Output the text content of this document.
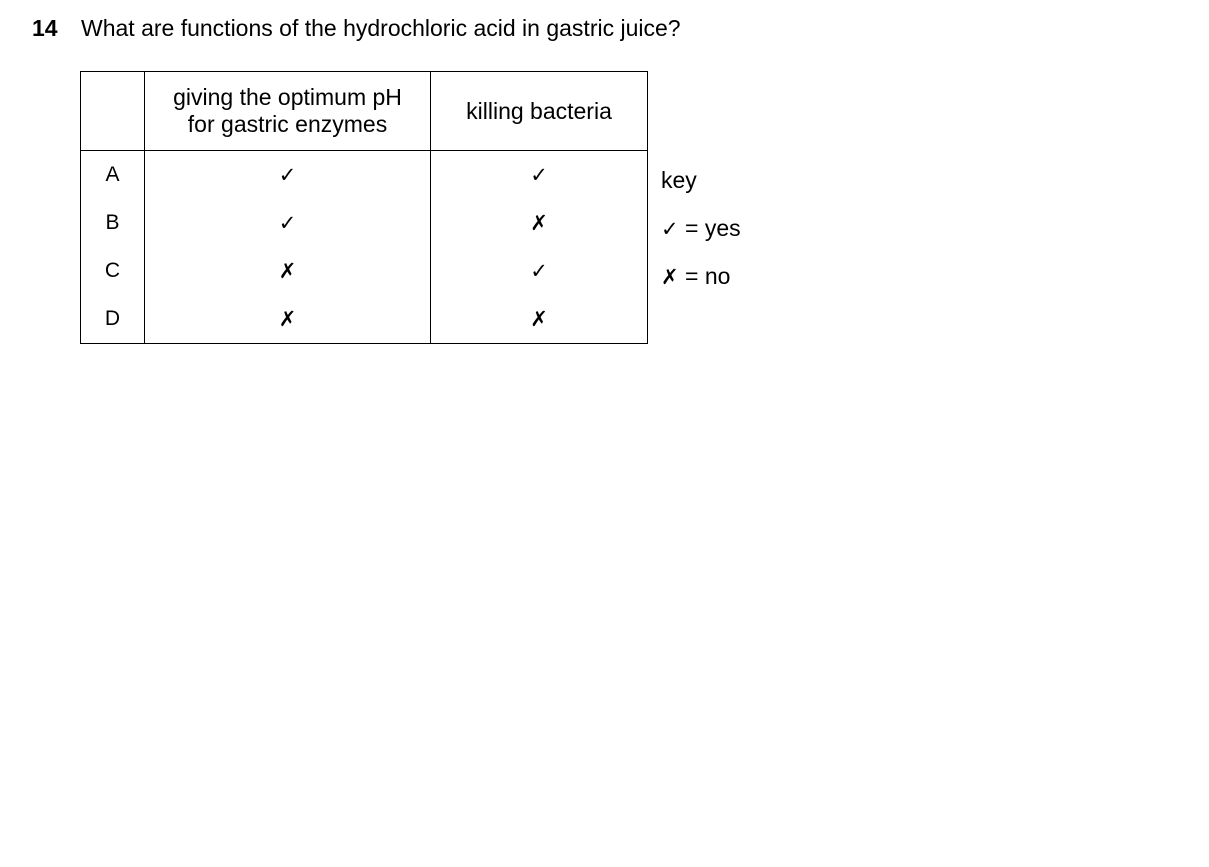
14 What are functions of the hydrochloric acid in gastric juice?
	giving the optimum pH
for gastric enzymes	killing bacteria
A	✓	✓
B	✓	✗
C	✗	✓
D	✗	✗
key
✓ = yes
✗ = no
